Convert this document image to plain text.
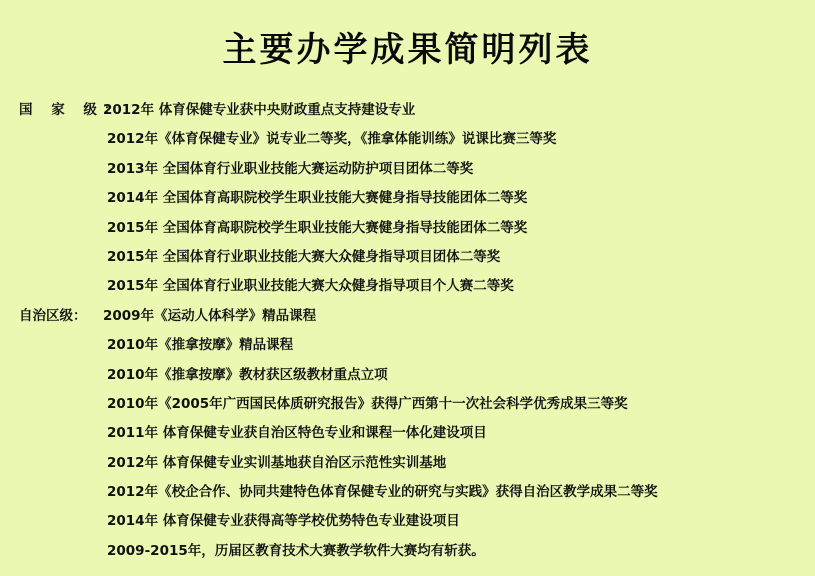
主要办学成果简明列表
国 家 级：
2012年 体育保健专业获中央财政重点支持建设专业
2012年《体育保健专业》说专业二等奖，《推拿体能训练》说课比赛三等奖
2013年 全国体育行业职业技能大赛运动防护项目团体二等奖
2014年 全国体育高职院校学生职业技能大赛健身指导技能团体二等奖
2015年 全国体育高职院校学生职业技能大赛健身指导技能团体二等奖
2015年 全国体育行业职业技能大赛大众健身指导项目团体二等奖
2015年 全国体育行业职业技能大赛大众健身指导项目个人赛二等奖
自治区级： 2009年《运动人体科学》精品课程
2010年《推拿按摩》精品课程
2010年《推拿按摩》教材获区级教材重点立项
2010年《2005年广西国民体质研究报告》获得广西第十一次社会科学优秀成果三等奖
2011年 体育保健专业获自治区特色专业和课程一体化建设项目
2012年 体育保健专业实训基地获自治区示范性实训基地
2012年《校企合作、协同共建特色体育保健专业的研究与实践》获得自治区教学成果二等奖
2014年 体育保健专业获得高等学校优势特色专业建设项目
2009-2015年，历届区教育技术大赛教学软件大赛均有斩获。
